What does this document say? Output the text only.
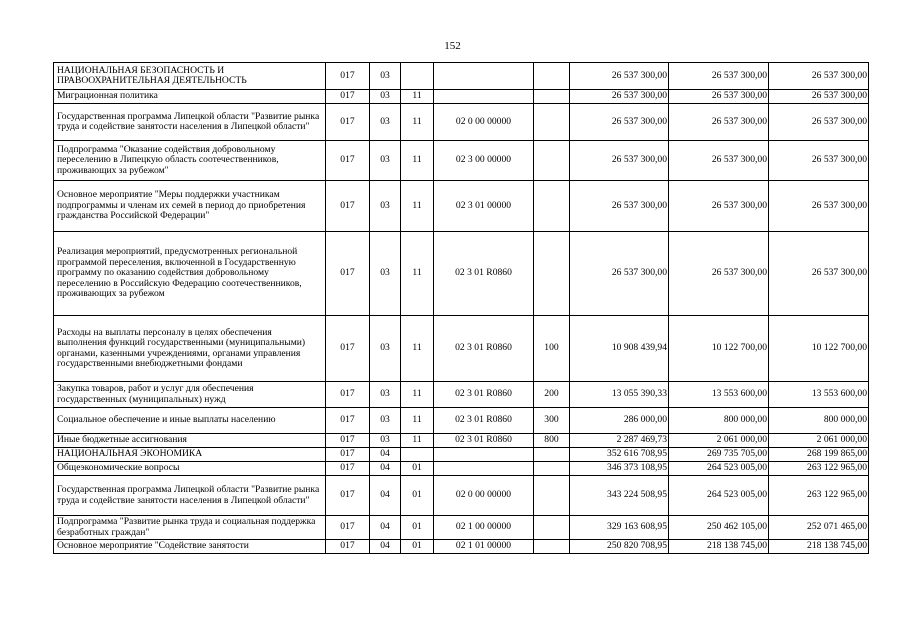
152
НАЦИОНАЛЬНАЯ БЕЗОПАСНОСТЬ И ПРАВООХРАНИТЕЛЬНАЯ ДЕЯТЕЛЬНОСТЬ	017	03				26 537 300,00	26 537 300,00	26 537 300,00
Миграционная политика	017	03	11			26 537 300,00	26 537 300,00	26 537 300,00
Государственная программа Липецкой области "Развитие рынка труда и содействие занятости населения в Липецкой области"	017	03	11	02 0 00 00000		26 537 300,00	26 537 300,00	26 537 300,00
Подпрограмма "Оказание содействия добровольному переселению в Липецкую область соотечественников, проживающих за рубежом"	017	03	11	02 3 00 00000		26 537 300,00	26 537 300,00	26 537 300,00
Основное мероприятие "Меры поддержки участникам подпрограммы и членам их семей в период до приобретения гражданства Российской Федерации"	017	03	11	02 3 01 00000		26 537 300,00	26 537 300,00	26 537 300,00
Реализация мероприятий, предусмотренных региональной программой переселения, включенной в Государственную программу по оказанию содействия добровольному переселению в Российскую Федерацию соотечественников, проживающих за рубежом	017	03	11	02 3 01 R0860		26 537 300,00	26 537 300,00	26 537 300,00
Расходы на выплаты персоналу в целях обеспечения выполнения функций государственными (муниципальными) органами, казенными учреждениями, органами управления государственными внебюджетными фондами	017	03	11	02 3 01 R0860	100	10 908 439,94	10 122 700,00	10 122 700,00
Закупка товаров, работ и услуг для обеспечения государственных (муниципальных) нужд	017	03	11	02 3 01 R0860	200	13 055 390,33	13 553 600,00	13 553 600,00
Социальное обеспечение и иные выплаты населению	017	03	11	02 3 01 R0860	300	286 000,00	800 000,00	800 000,00
Иные бюджетные ассигнования	017	03	11	02 3 01 R0860	800	2 287 469,73	2 061 000,00	2 061 000,00
НАЦИОНАЛЬНАЯ ЭКОНОМИКА	017	04				352 616 708,95	269 735 705,00	268 199 865,00
Общеэкономические вопросы	017	04	01			346 373 108,95	264 523 005,00	263 122 965,00
Государственная программа Липецкой области "Развитие рынка труда и содействие занятости населения в Липецкой области"	017	04	01	02 0 00 00000		343 224 508,95	264 523 005,00	263 122 965,00
Подпрограмма "Развитие рынка труда и социальная поддержка безработных граждан"	017	04	01	02 1 00 00000		329 163 608,95	250 462 105,00	252 071 465,00
Основное мероприятие "Содействие занятости	017	04	01	02 1 01 00000		250 820 708,95	218 138 745,00	218 138 745,00
